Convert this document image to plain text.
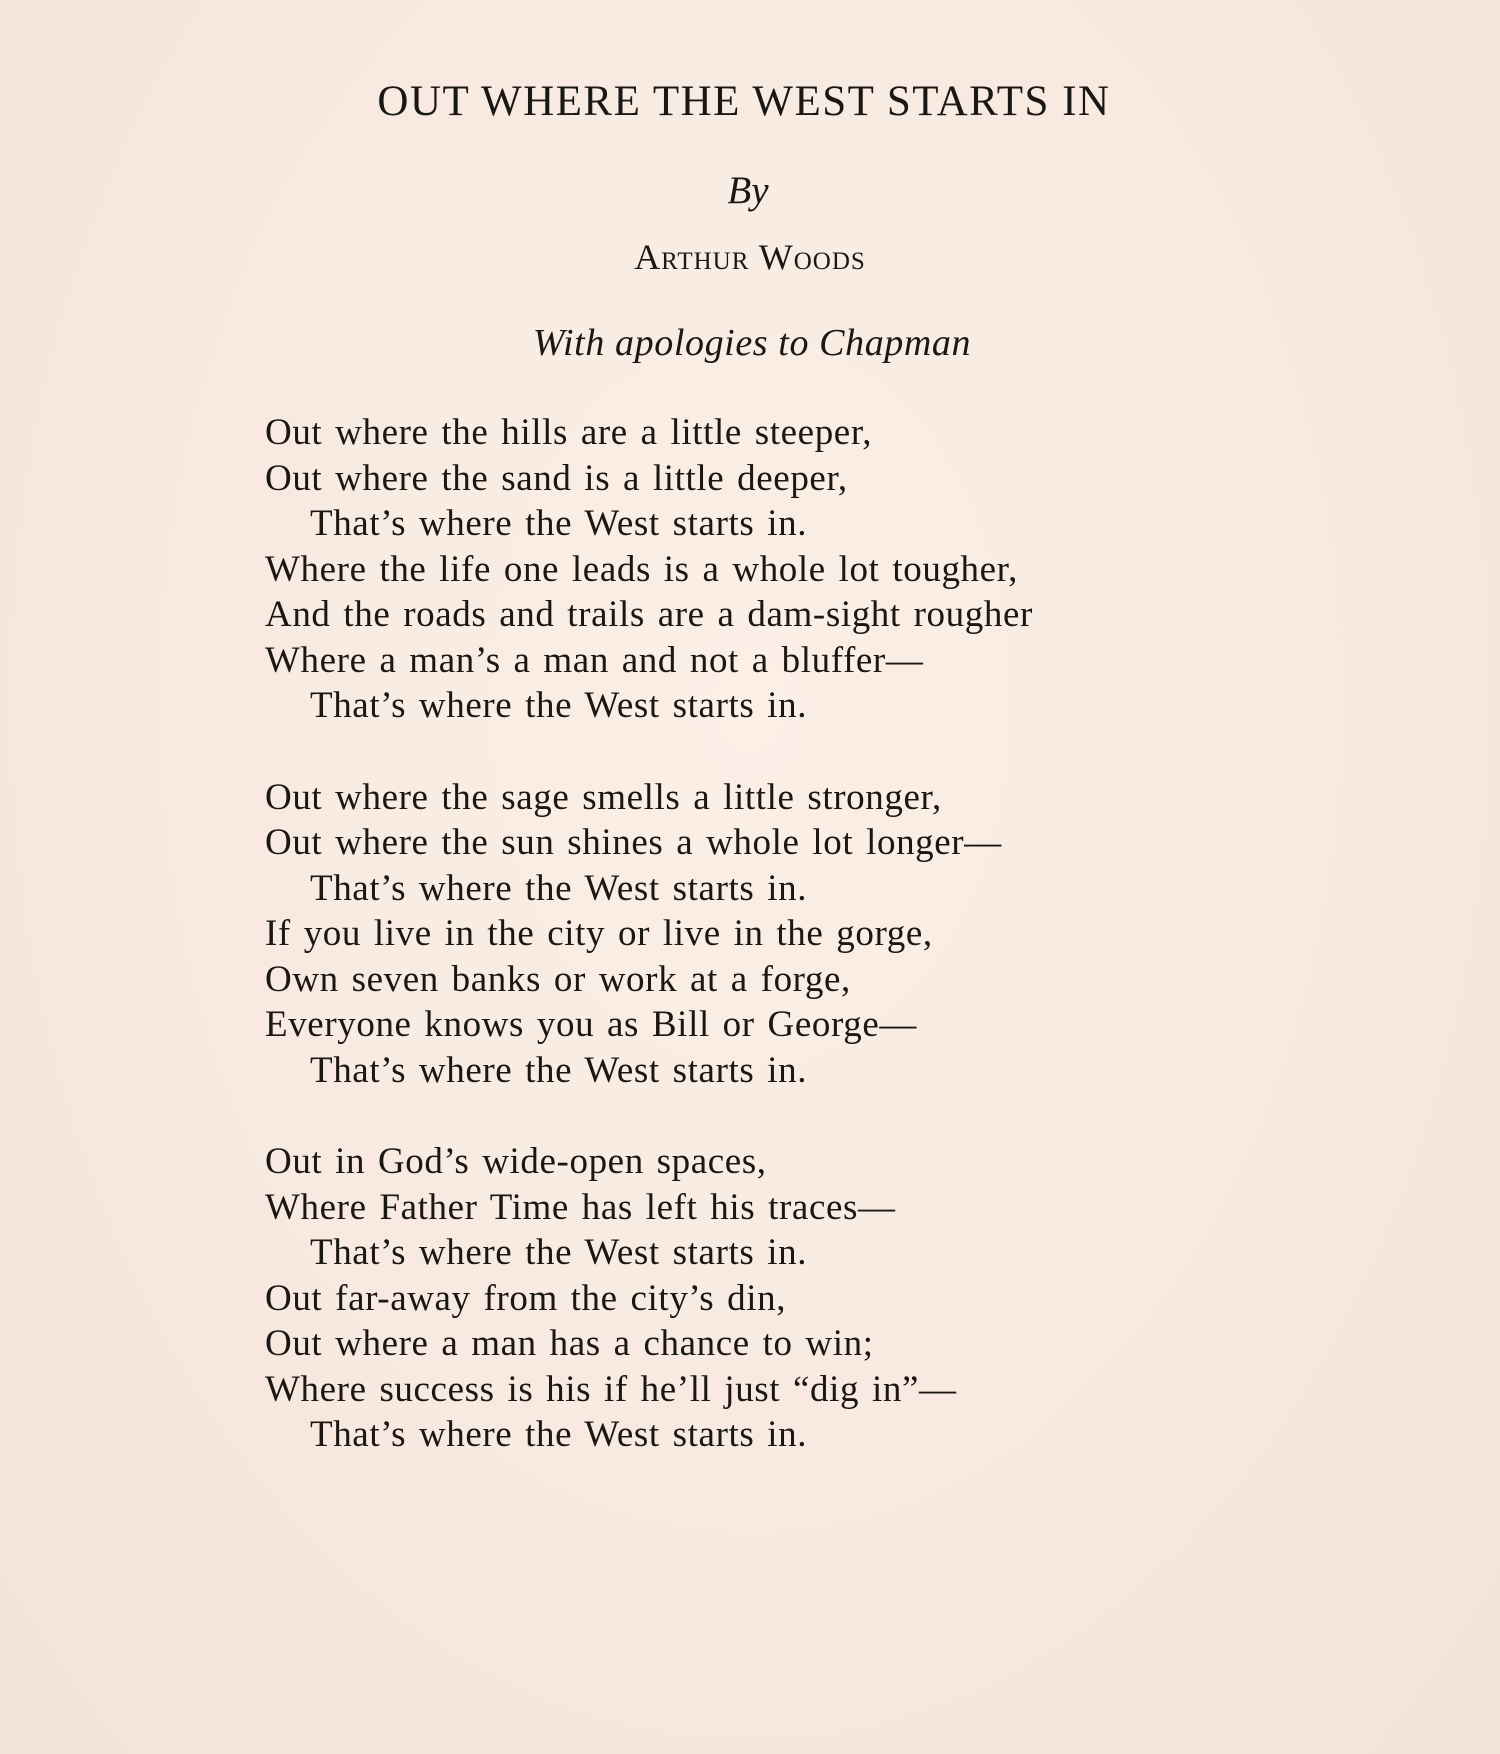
OUT WHERE THE WEST STARTS IN
By
Arthur Woods
With apologies to Chapman
Out where the hills are a little steeper,
Out where the sand is a little deeper,
That’s where the West starts in.
Where the life one leads is a whole lot tougher,
And the roads and trails are a dam-sight rougher
Where a man’s a man and not a bluffer—
That’s where the West starts in.
Out where the sage smells a little stronger,
Out where the sun shines a whole lot longer—
That’s where the West starts in.
If you live in the city or live in the gorge,
Own seven banks or work at a forge,
Everyone knows you as Bill or George—
That’s where the West starts in.
Out in God’s wide-open spaces,
Where Father Time has left his traces—
That’s where the West starts in.
Out far-away from the city’s din,
Out where a man has a chance to win;
Where success is his if he’ll just “dig in”—
That’s where the West starts in.
